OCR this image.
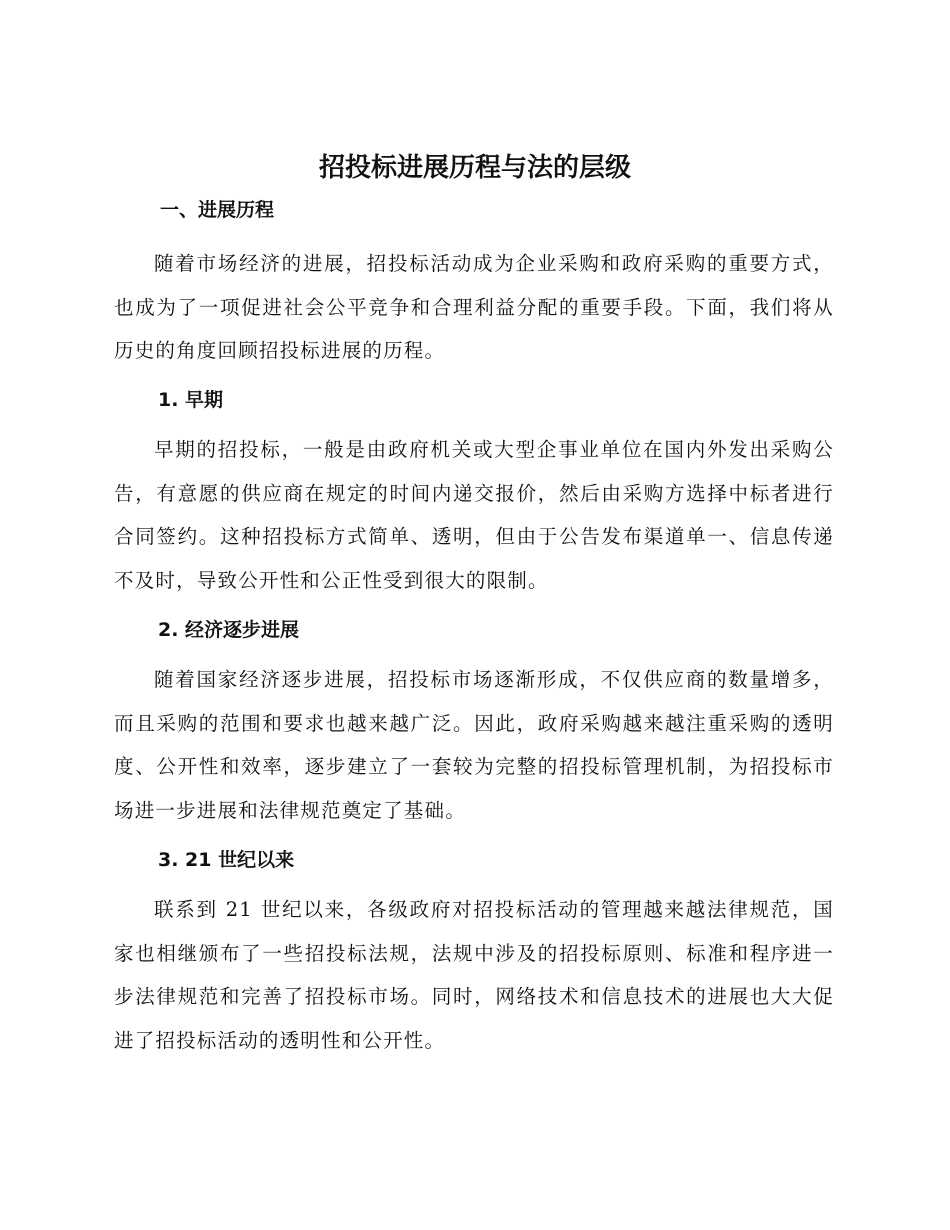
招投标进展历程与法的层级
一、进展历程

随着市场经济的进展，招投标活动成为企业采购和政府采购的重要方式，也成为了一项促进社会公平竞争和合理利益分配的重要手段。下面，我们将从历史的角度回顾招投标进展的历程。

1. 早期

早期的招投标，一般是由政府机关或大型企事业单位在国内外发出采购公告，有意愿的供应商在规定的时间内递交报价，然后由采购方选择中标者进行合同签约。这种招投标方式简单、透明，但由于公告发布渠道单一、信息传递不及时，导致公开性和公正性受到很大的限制。

2. 经济逐步进展

随着国家经济逐步进展，招投标市场逐渐形成，不仅供应商的数量增多，而且采购的范围和要求也越来越广泛。因此，政府采购越来越注重采购的透明度、公开性和效率，逐步建立了一套较为完整的招投标管理机制，为招投标市场进一步进展和法律规范奠定了基础。

3. 21 世纪以来

联系到 21 世纪以来，各级政府对招投标活动的管理越来越法律规范，国家也相继颁布了一些招投标法规，法规中涉及的招投标原则、标准和程序进一步法律规范和完善了招投标市场。同时，网络技术和信息技术的进展也大大促进了招投标活动的透明性和公开性。
